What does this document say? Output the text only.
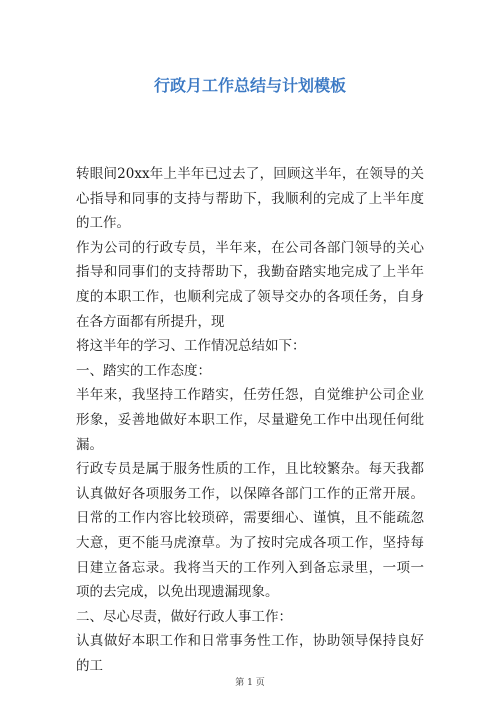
行政月工作总结与计划模板

转眼间20xx年上半年已过去了，回顾这半年，在领导的关心指导和同事的支持与帮助下，我顺利的完成了上半年度的工作。

作为公司的行政专员，半年来，在公司各部门领导的关心指导和同事们的支持帮助下，我勤奋踏实地完成了上半年度的本职工作，也顺利完成了领导交办的各项任务，自身在各方面都有所提升，现

将这半年的学习、工作情况总结如下：

一、踏实的工作态度：

半年来，我坚持工作踏实，任劳任怨，自觉维护公司企业形象，妥善地做好本职工作，尽量避免工作中出现任何纰漏。

行政专员是属于服务性质的工作，且比较繁杂。每天我都认真做好各项服务工作，以保障各部门工作的正常开展。日常的工作内容比较琐碎，需要细心、谨慎，且不能疏忽大意，更不能马虎潦草。为了按时完成各项工作，坚持每日建立备忘录。我将当天的工作列入到备忘录里，一项一项的去完成，以免出现遗漏现象。

二、尽心尽责，做好行政人事工作：

认真做好本职工作和日常事务性工作，协助领导保持良好的工

第 1 页
